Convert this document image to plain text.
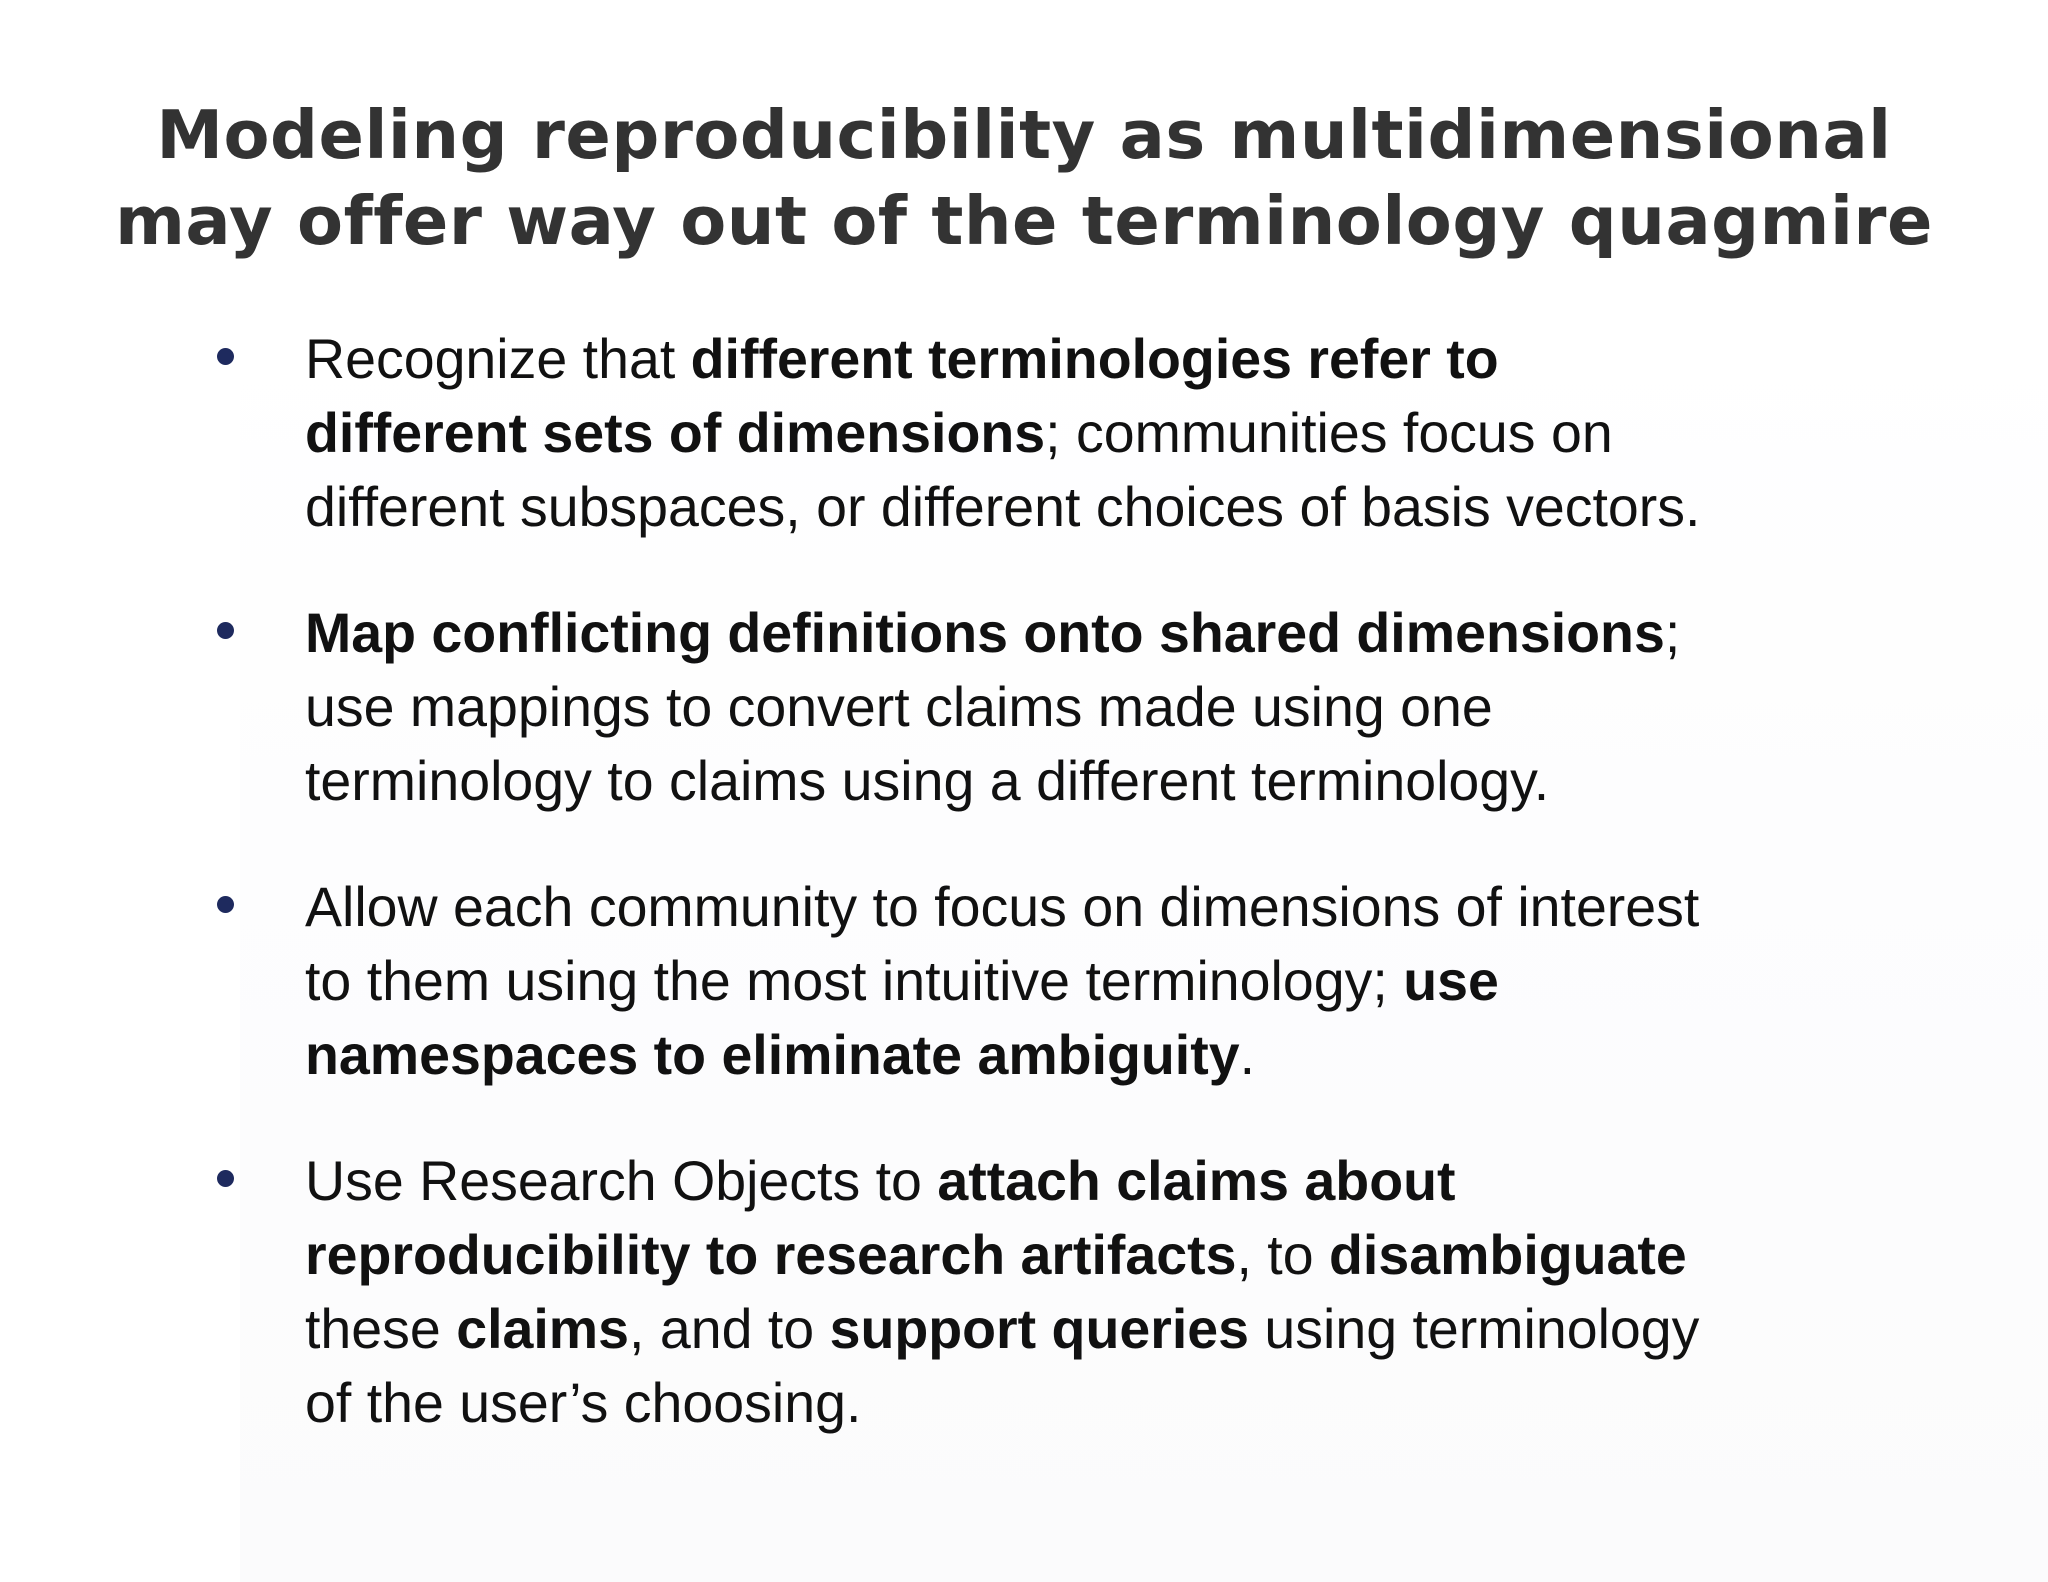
Modeling reproducibility as multidimensional
may offer way out of the terminology quagmire
Recognize that different terminologies refer to
different sets of dimensions; communities focus on
different subspaces, or different choices of basis vectors.
Map conflicting definitions onto shared dimensions;
use mappings to convert claims made using one
terminology to claims using a different terminology.
Allow each community to focus on dimensions of interest
to them using the most intuitive terminology; use
namespaces to eliminate ambiguity.
Use Research Objects to attach claims about
reproducibility to research artifacts, to disambiguate
these claims, and to support queries using terminology
of the user’s choosing.
